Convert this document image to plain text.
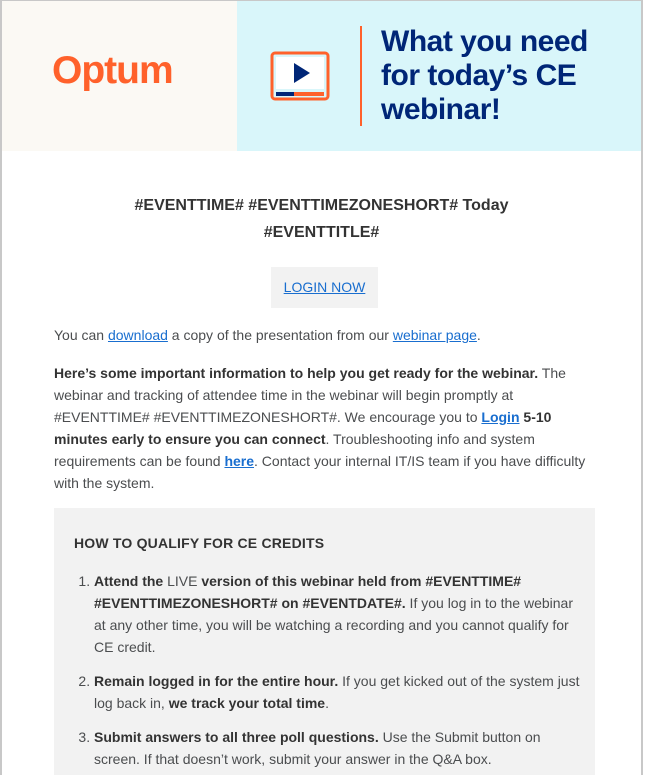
Optum
What you need for today’s CE webinar!
#EVENTTIME# #EVENTTIMEZONESHORT# Today
#EVENTTITLE#
LOGIN NOW
You can download a copy of the presentation from our webinar page.
Here’s some important information to help you get ready for the webinar. The webinar and tracking of attendee time in the webinar will begin promptly at #EVENTTIME# #EVENTTIMEZONESHORT#. We encourage you to Login 5-10 minutes early to ensure you can connect. Troubleshooting info and system requirements can be found here. Contact your internal IT/IS team if you have difficulty with the system.
HOW TO QUALIFY FOR CE CREDITS
1. Attend the LIVE version of this webinar held from #EVENTTIME# #EVENTTIMEZONESHORT# on #EVENTDATE#. If you log in to the webinar at any other time, you will be watching a recording and you cannot qualify for CE credit.
2. Remain logged in for the entire hour. If you get kicked out of the system just log back in, we track your total time.
3. Submit answers to all three poll questions. Use the Submit button on screen. If that doesn’t work, submit your answer in the Q&A box.
